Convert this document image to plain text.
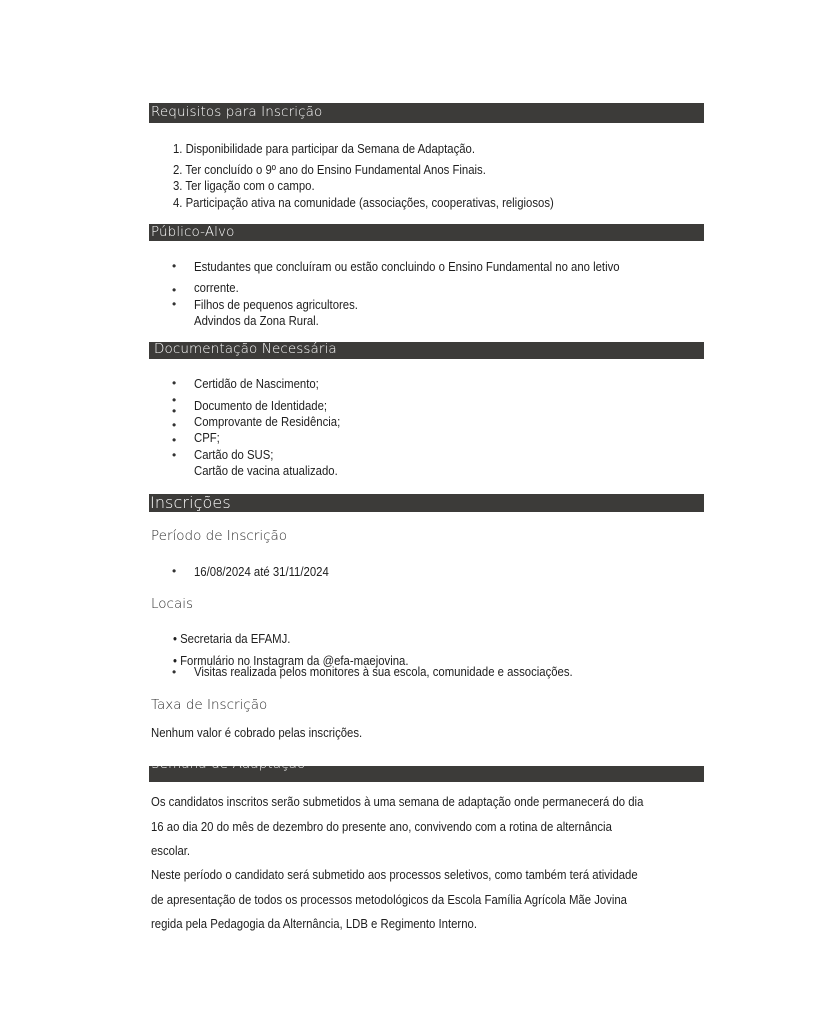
Requisitos para Inscrição
1. Disponibilidade para participar da Semana de Adaptação.
2. Ter concluído o 9º ano do Ensino Fundamental Anos Finais.
3. Ter ligação com o campo.
4. Participação ativa na comunidade (associações, cooperativas, religiosos)
Público-Alvo
• Estudantes que concluíram ou estão concluindo o Ensino Fundamental no ano letivo
• corrente.
• Filhos de pequenos agricultores.
Advindos da Zona Rural.
Documentação Necessária
• Certidão de Nascimento;
• Documento de Identidade;
•
Comprovante de Residência;
•
CPF;
•
• Cartão do SUS;
Cartão de vacina atualizado.
Inscrições
Período de Inscrição
• 16/08/2024 até 31/11/2024
Locais
• Secretaria da EFAMJ.
• Formulário no Instagram da @efa-maejovina.
• Visitas realizada pelos monitores à sua escola, comunidade e associações.
Taxa de Inscrição
Nenhum valor é cobrado pelas inscrições.
Semana de Adaptação
Os candidatos inscritos serão submetidos à uma semana de adaptação onde permanecerá do dia
16 ao dia 20 do mês de dezembro do presente ano, convivendo com a rotina de alternância
escolar.
Neste período o candidato será submetido aos processos seletivos, como também terá atividade
de apresentação de todos os processos metodológicos da Escola Família Agrícola Mãe Jovina
regida pela Pedagogia da Alternância, LDB e Regimento Interno.
